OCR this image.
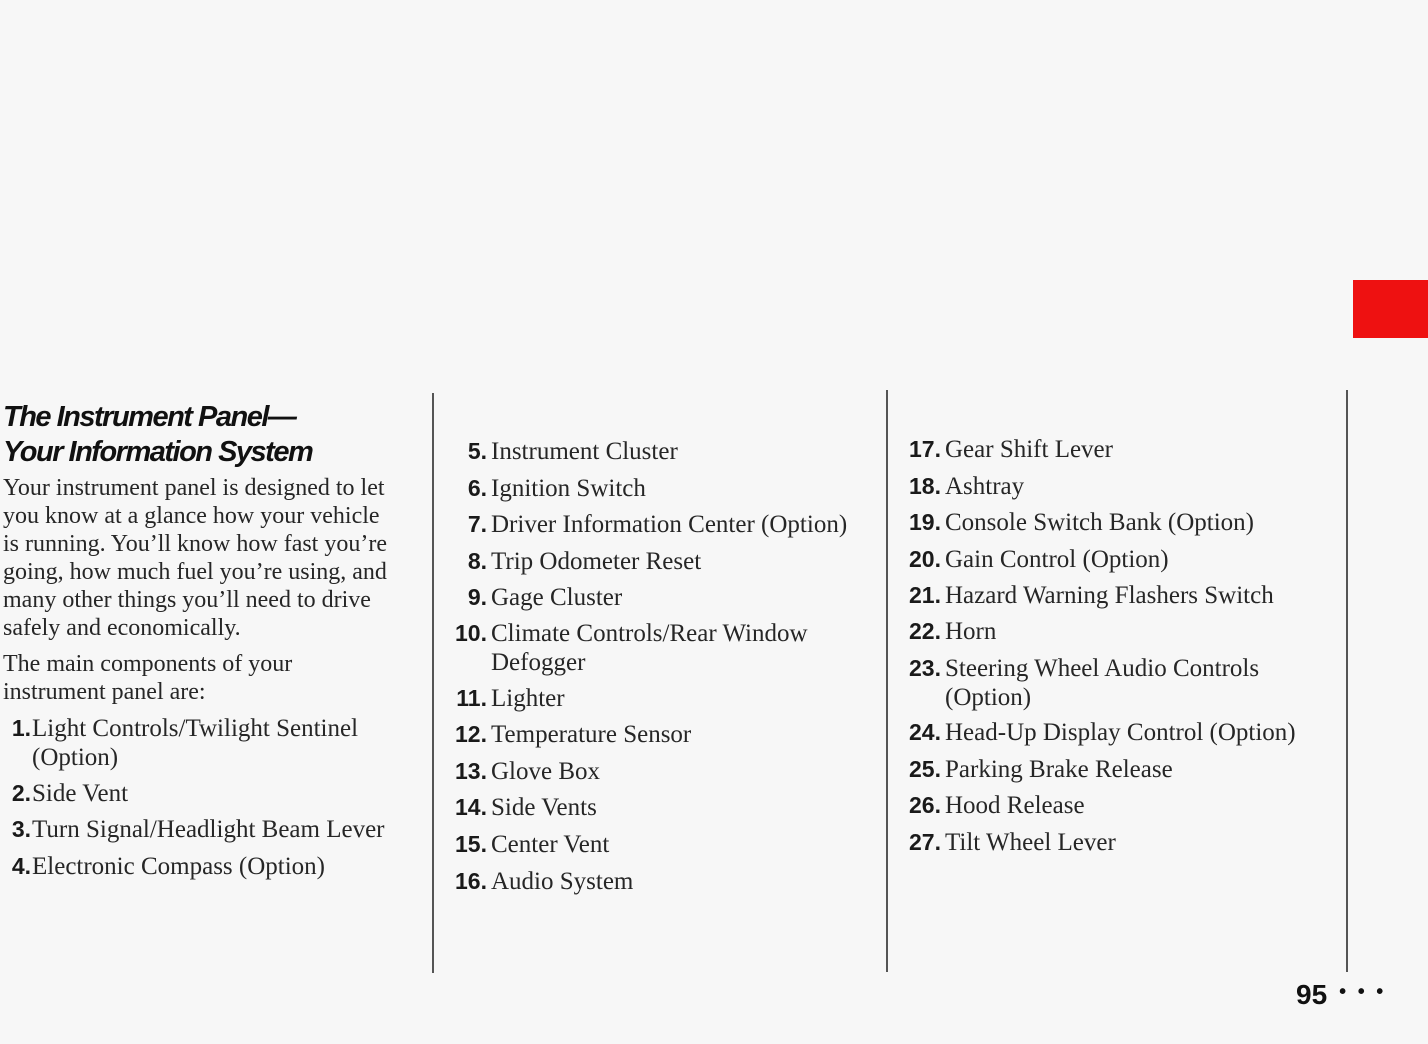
The Instrument Panel—
Your Information System

Your instrument panel is designed to let
you know at a glance how your vehicle
is running. You’ll know how fast you’re
going, how much fuel you’re using, and
many other things you’ll need to drive
safely and economically.

The main components of your
instrument panel are:

1. Light Controls/Twilight Sentinel
(Option)
2. Side Vent
3. Turn Signal/Headlight Beam Lever
4. Electronic Compass (Option)
5. Instrument Cluster
6. Ignition Switch
7. Driver Information Center (Option)
8. Trip Odometer Reset
9. Gage Cluster
10. Climate Controls/Rear Window
Defogger
11. Lighter
12. Temperature Sensor
13. Glove Box
14. Side Vents
15. Center Vent
16. Audio System
17. Gear Shift Lever
18. Ashtray
19. Console Switch Bank (Option)
20. Gain Control (Option)
21. Hazard Warning Flashers Switch
22. Horn
23. Steering Wheel Audio Controls
(Option)
24. Head-Up Display Control (Option)
25. Parking Brake Release
26. Hood Release
27. Tilt Wheel Lever
95 • • •
